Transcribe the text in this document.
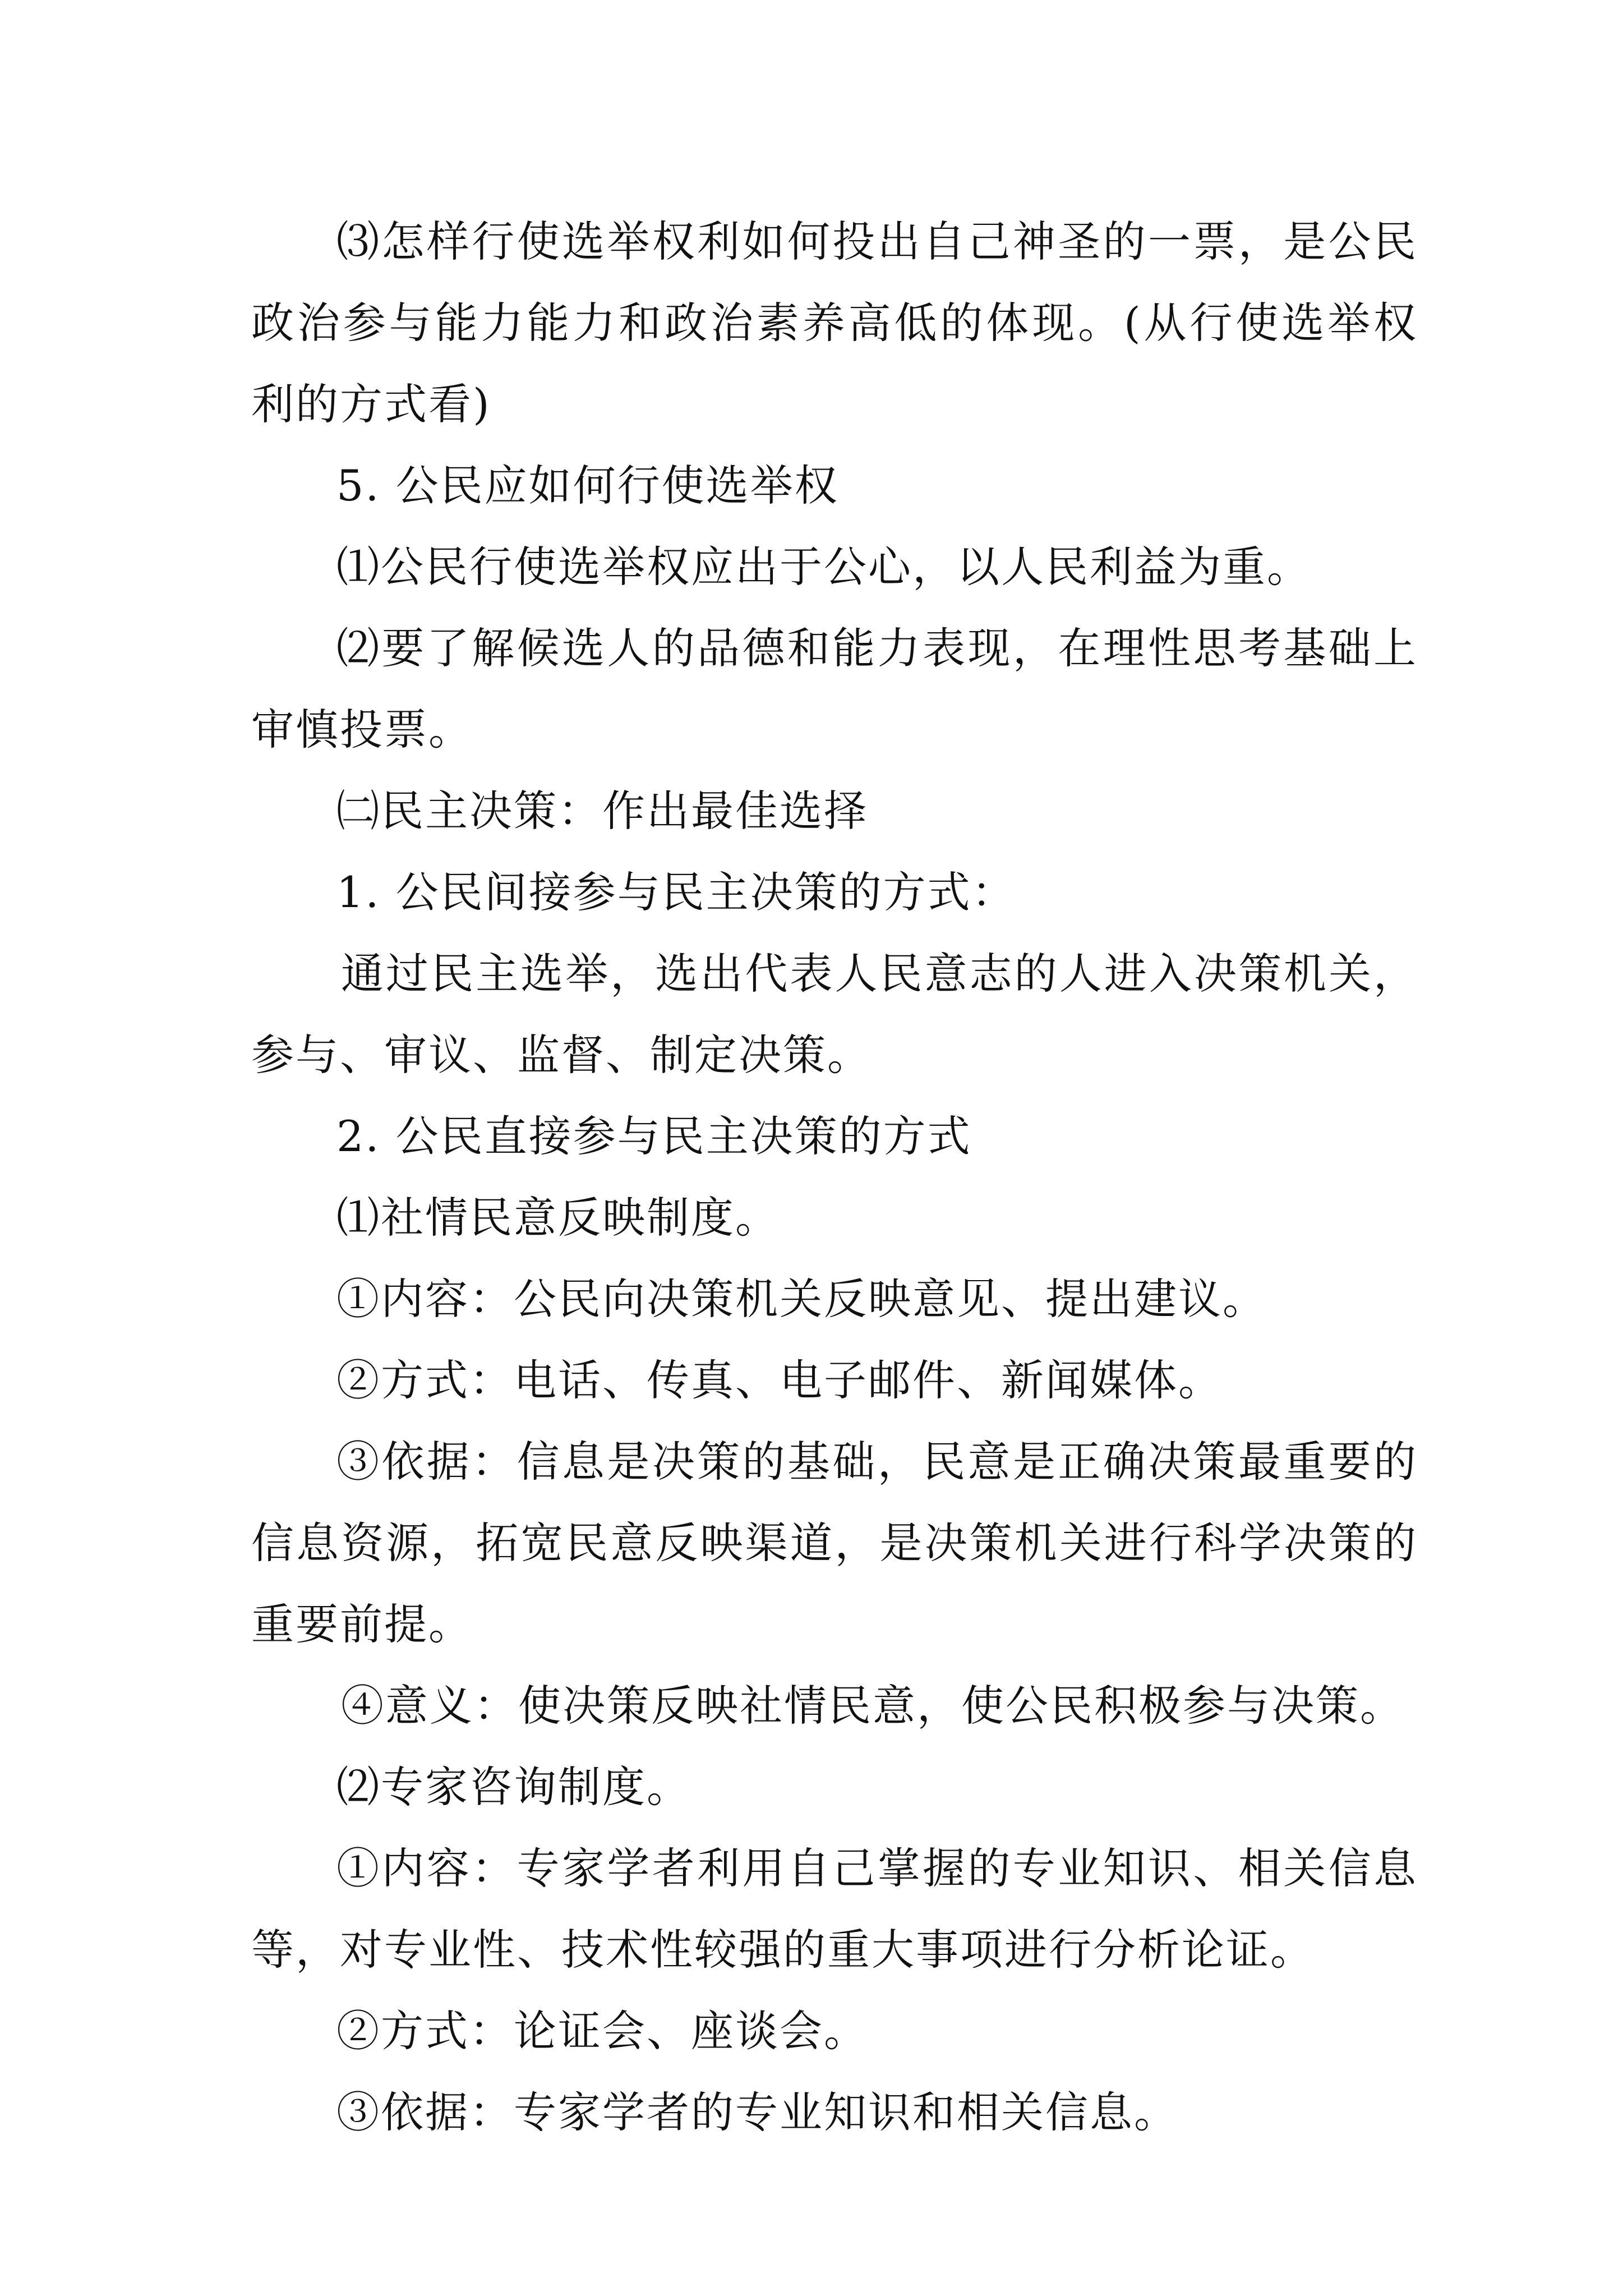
⑶怎样行使选举权利如何投出自己神圣的一票，是公民政治参与能力能力和政治素养高低的体现。(从行使选举权利的方式看)

5. 公民应如何行使选举权

⑴公民行使选举权应出于公心，以人民利益为重。

⑵要了解候选人的品德和能力表现，在理性思考基础上审慎投票。

㈡民主决策：作出最佳选择

1. 公民间接参与民主决策的方式：

通过民主选举，选出代表人民意志的人进入决策机关，参与、审议、监督、制定决策。

2. 公民直接参与民主决策的方式

⑴社情民意反映制度。

①内容：公民向决策机关反映意见、提出建议。

②方式：电话、传真、电子邮件、新闻媒体。

③依据：信息是决策的基础，民意是正确决策最重要的信息资源，拓宽民意反映渠道，是决策机关进行科学决策的重要前提。

④意义：使决策反映社情民意，使公民积极参与决策。

⑵专家咨询制度。

①内容：专家学者利用自己掌握的专业知识、相关信息等，对专业性、技术性较强的重大事项进行分析论证。

②方式：论证会、座谈会。

③依据：专家学者的专业知识和相关信息。
